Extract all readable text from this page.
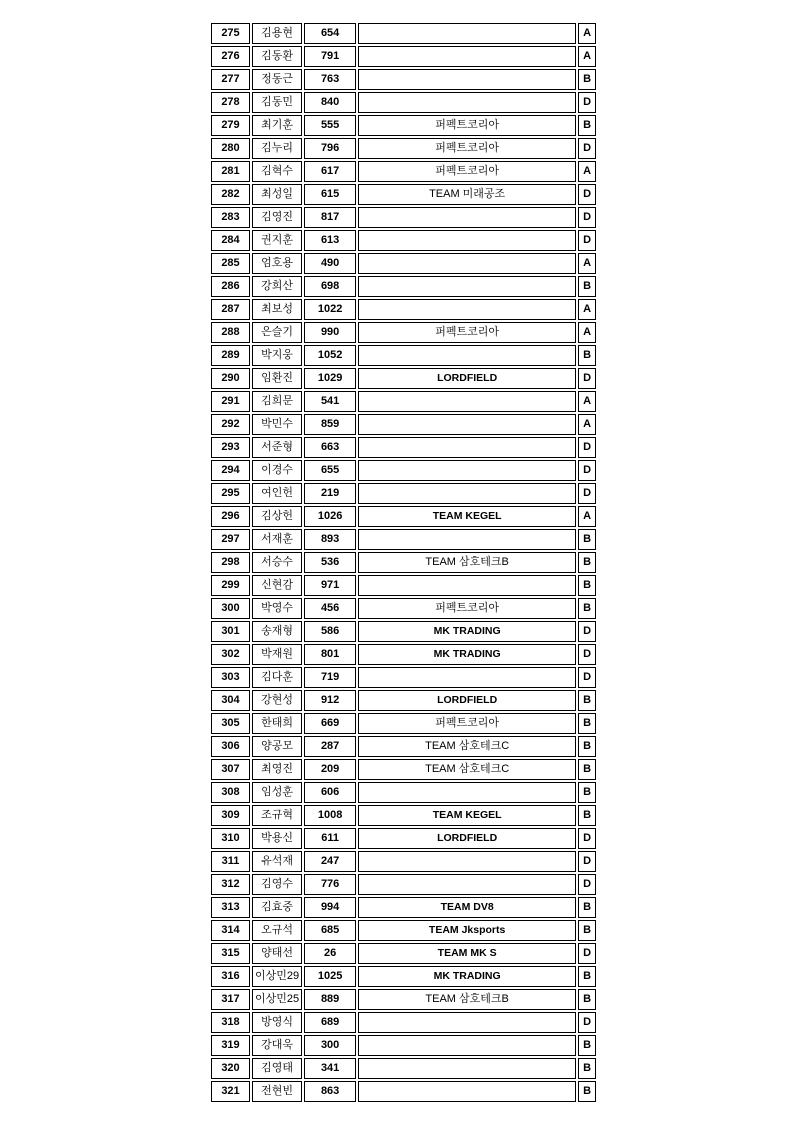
275	김용현	654		A
276	김동환	791		A
277	정동근	763		B
278	김동민	840		D
279	최기훈	555	퍼펙트코리아	B
280	김누리	796	퍼펙트코리아	D
281	김혁수	617	퍼펙트코리아	A
282	최성일	615	TEAM 미래공조	D
283	김영진	817		D
284	권지훈	613		D
285	엄호용	490		A
286	강희산	698		B
287	최보성	1022		A
288	은슬기	990	퍼펙트코리아	A
289	박지웅	1052		B
290	임환진	1029	LORDFIELD	D
291	김희문	541		A
292	박민수	859		A
293	서준형	663		D
294	이경수	655		D
295	여인헌	219		D
296	김상헌	1026	TEAM KEGEL	A
297	서재훈	893		B
298	서승수	536	TEAM 삼호테크B	B
299	신현감	971		B
300	박영수	456	퍼펙트코리아	B
301	송재형	586	MK TRADING	D
302	박재원	801	MK TRADING	D
303	김다훈	719		D
304	강현성	912	LORDFIELD	B
305	한태희	669	퍼펙트코리아	B
306	양공모	287	TEAM 삼호테크C	B
307	최영진	209	TEAM 삼호테크C	B
308	임성훈	606		B
309	조규혁	1008	TEAM KEGEL	B
310	박용신	611	LORDFIELD	D
311	유석재	247		D
312	김영수	776		D
313	김효중	994	TEAM DV8	B
314	오규석	685	TEAM Jksports	B
315	양태선	26	TEAM MK S	D
316	이상민29	1025	MK TRADING	B
317	이상민25	889	TEAM 삼호테크B	B
318	방영식	689		D
319	강대욱	300		B
320	김영태	341		B
321	전현빈	863		B
